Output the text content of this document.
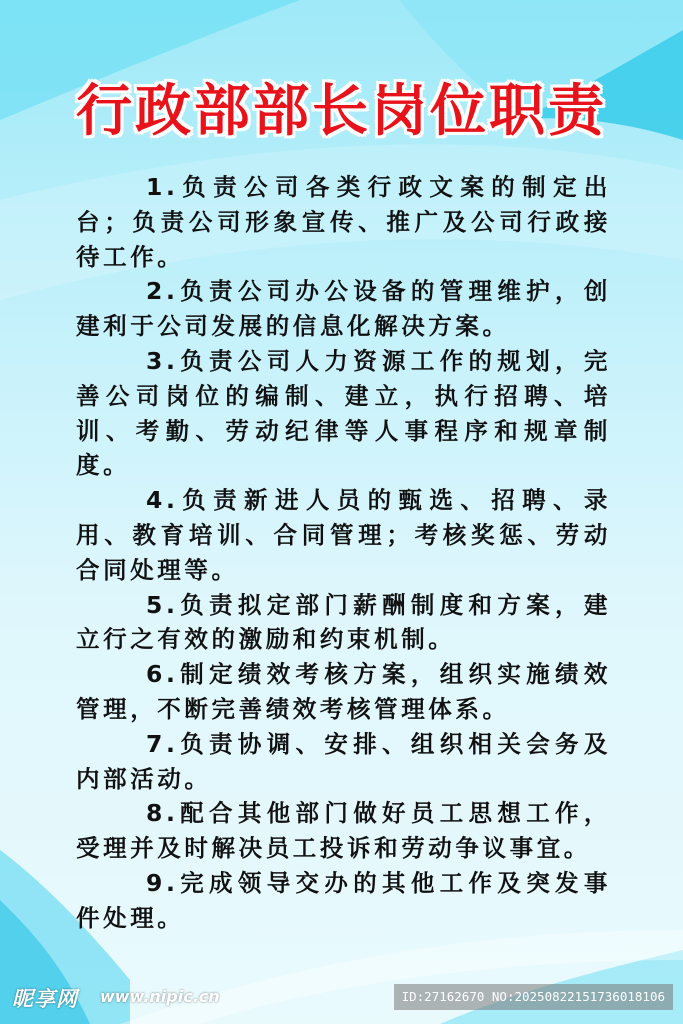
行政部部长岗位职责

1.负责公司各类行政文案的制定出台；负责公司形象宣传、推广及公司行政接待工作。

2.负责公司办公设备的管理维护，创建利于公司发展的信息化解决方案。

3.负责公司人力资源工作的规划，完善公司岗位的编制、建立，执行招聘、培训、考勤、劳动纪律等人事程序和规章制度。

4.负责新进人员的甄选、招聘、录用、教育培训、合同管理；考核奖惩、劳动合同处理等。

5.负责拟定部门薪酬制度和方案，建立行之有效的激励和约束机制。

6.制定绩效考核方案，组织实施绩效管理，不断完善绩效考核管理体系。

7.负责协调、安排、组织相关会务及内部活动。

8.配合其他部门做好员工思想工作，受理并及时解决员工投诉和劳动争议事宜。

9.完成领导交办的其他工作及突发事件处理。

昵享网 www.nipic.cn	ID:27162670 NO:20250822151736018106
